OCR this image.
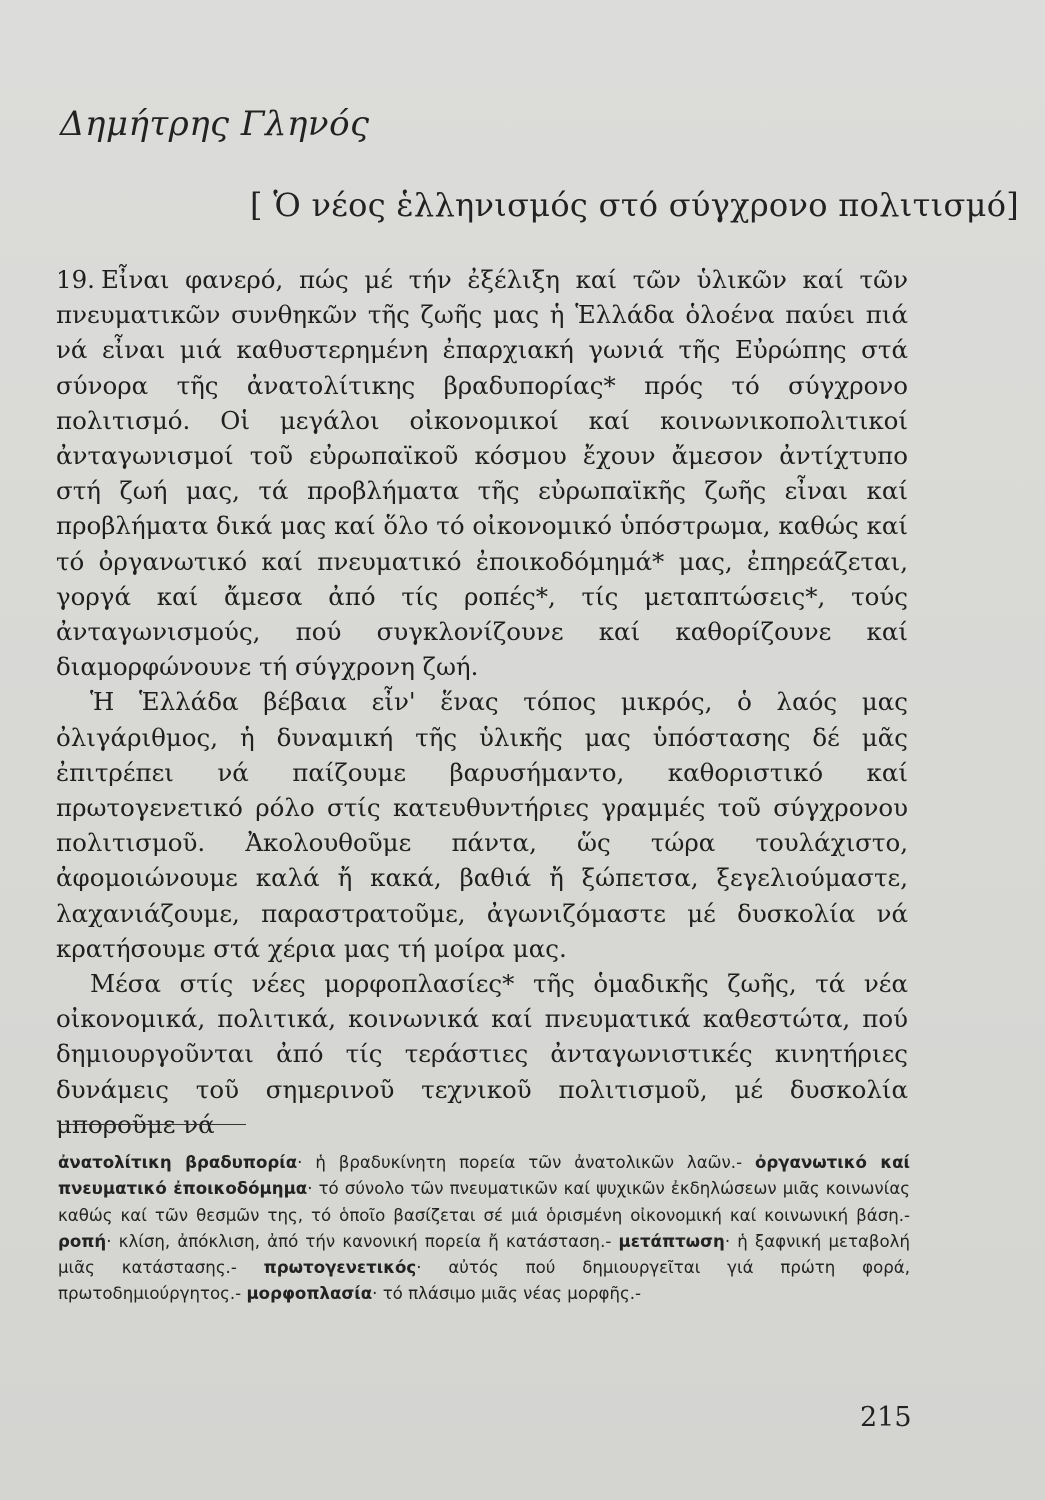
Δημήτρης Γληνός
[ Ὁ νέος ἑλληνισμός στό σύγχρονο πολιτισμό]

19. Εἶναι φανερό, πώς μέ τήν ἐξέλιξη καί τῶν ὑλικῶν καί τῶν πνευματικῶν συνθηκῶν τῆς ζωῆς μας ἡ Ἑλλάδα ὁλοένα παύει πιά νά εἶναι μιά καθυστερημένη ἐπαρχιακή γωνιά τῆς Εὐρώπης στά σύνορα τῆς ἀνατολίτικης βραδυπορίας* πρός τό σύγχρονο πολιτισμό. Οἱ μεγάλοι οἰκονομικοί καί κοινωνικοπολιτικοί ἀνταγωνισμοί τοῦ εὐρωπαϊκοῦ κόσμου ἔχουν ἄμεσον ἀντίχτυπο στή ζωή μας, τά προβλήματα τῆς εὐρωπαϊκῆς ζωῆς εἶναι καί προβλήματα δικά μας καί ὅλο τό οἰκονομικό ὑπόστρωμα, καθώς καί τό ὀργανωτικό καί πνευματικό ἐποικοδόμημά* μας, ἐπηρεάζεται, γοργά καί ἄμεσα ἀπό τίς ροπές*, τίς μεταπτώσεις*, τούς ἀνταγωνισμούς, πού συγκλονίζουνε καί καθορίζουνε καί διαμορφώνουνε τή σύγχρονη ζωή.

Ἡ Ἑλλάδα βέβαια εἶν' ἕνας τόπος μικρός, ὁ λαός μας ὀλιγάριθμος, ἡ δυναμική τῆς ὑλικῆς μας ὑπόστασης δέ μᾶς ἐπιτρέπει νά παίζουμε βαρυσήμαντο, καθοριστικό καί πρωτογενετικό ρόλο στίς κατευθυντήριες γραμμές τοῦ σύγχρονου πολιτισμοῦ. Ἀκολουθοῦμε πάντα, ὥς τώρα τουλάχιστο, ἀφομοιώνουμε καλά ἤ κακά, βαθιά ἤ ξώπετσα, ξεγελιούμαστε, λαχανιάζουμε, παραστρατοῦμε, ἀγωνιζόμαστε μέ δυσκολία νά κρατήσουμε στά χέρια μας τή μοίρα μας.

Μέσα στίς νέες μορφοπλασίες* τῆς ὁμαδικῆς ζωῆς, τά νέα οἰκονομικά, πολιτικά, κοινωνικά καί πνευματικά καθεστώτα, πού δημιουργοῦνται ἀπό τίς τεράστιες ἀνταγωνιστικές κινητήριες δυνάμεις τοῦ σημερινοῦ τεχνικοῦ πολιτισμοῦ, μέ δυσκολία μποροῦμε νά

ἀνατολίτικη βραδυπορία· ἡ βραδυκίνητη πορεία τῶν ἀνατολικῶν λαῶν.- ὀργανωτικό καί πνευματικό ἐποικοδόμημα· τό σύνολο τῶν πνευματικῶν καί ψυχικῶν ἐκδηλώσεων μιᾶς κοινωνίας καθώς καί τῶν θεσμῶν της, τό ὁποῖο βασίζεται σέ μιά ὁρισμένη οἰκονομική καί κοινωνική βάση.- ροπή· κλίση, ἀπόκλιση, ἀπό τήν κανονική πορεία ἤ κατάσταση.- μετάπτωση· ἡ ξαφνική μεταβολή μιᾶς κατάστασης.- πρωτογενετικός· αὐτός πού δημιουργεῖται γιά πρώτη φορά, πρωτοδημιούργητος.- μορφοπλασία· τό πλάσιμο μιᾶς νέας μορφῆς.-
215
